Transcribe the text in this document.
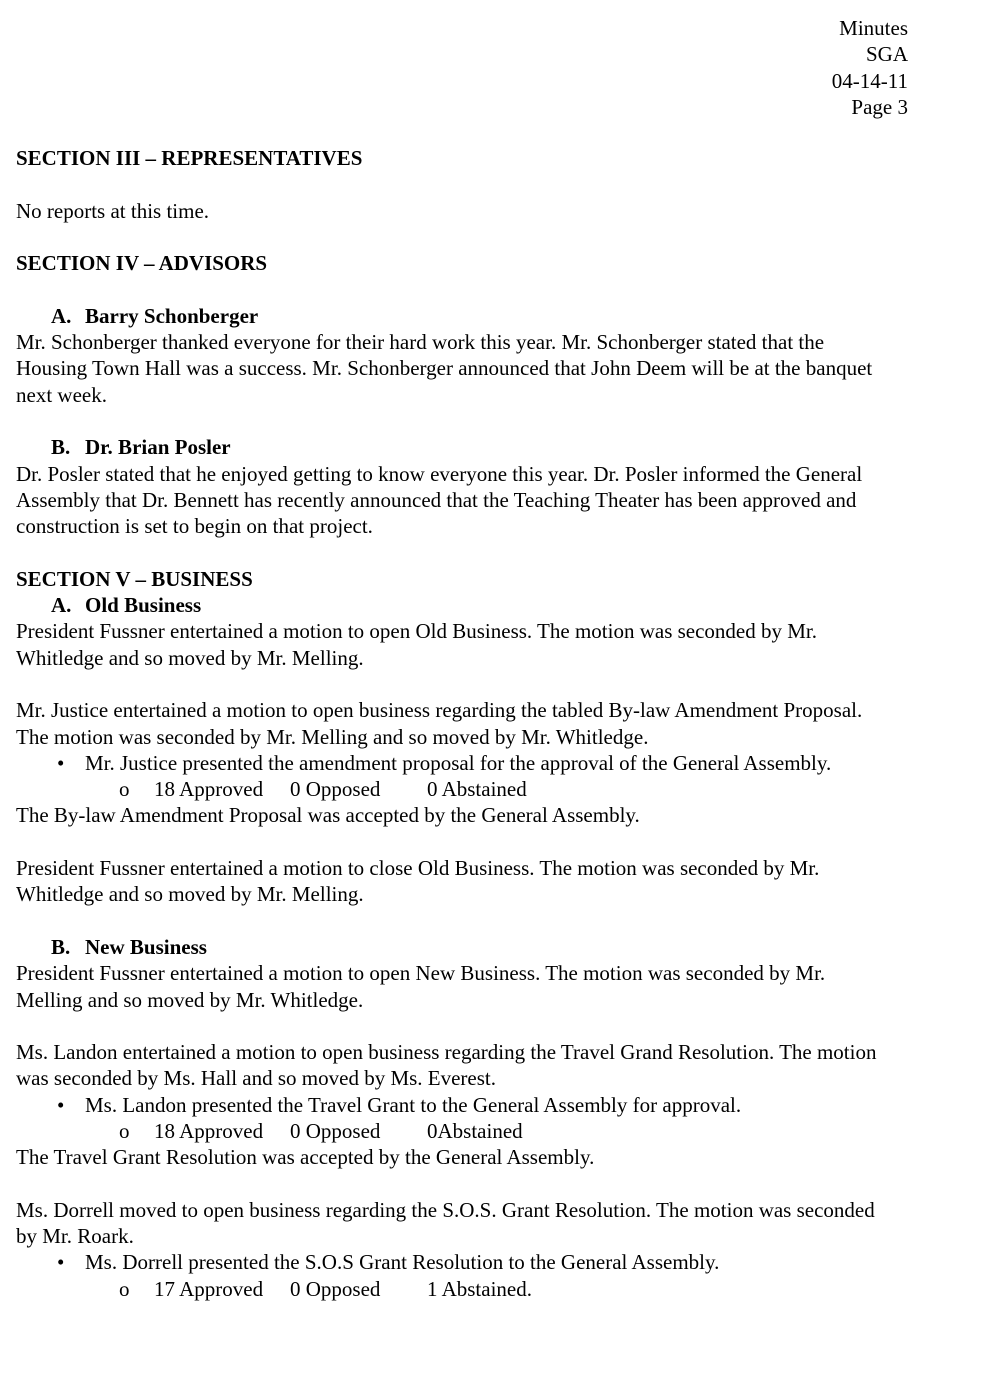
Minutes

SGA

04-14-11

Page 3

SECTION III – REPRESENTATIVES

No reports at this time.

SECTION IV – ADVISORS

A. Barry Schonberger

Mr. Schonberger thanked everyone for their hard work this year. Mr. Schonberger stated that the

Housing Town Hall was a success. Mr. Schonberger announced that John Deem will be at the banquet

next week.

B. Dr. Brian Posler

Dr. Posler stated that he enjoyed getting to know everyone this year. Dr. Posler informed the General

Assembly that Dr. Bennett has recently announced that the Teaching Theater has been approved and

construction is set to begin on that project.

SECTION V – BUSINESS

A. Old Business

President Fussner entertained a motion to open Old Business. The motion was seconded by Mr.

Whitledge and so moved by Mr. Melling.

Mr. Justice entertained a motion to open business regarding the tabled By-law Amendment Proposal.

The motion was seconded by Mr. Melling and so moved by Mr. Whitledge.

• Mr. Justice presented the amendment proposal for the approval of the General Assembly.

o 18 Approved 0 Opposed 0 Abstained

The By-law Amendment Proposal was accepted by the General Assembly.

President Fussner entertained a motion to close Old Business. The motion was seconded by Mr.

Whitledge and so moved by Mr. Melling.

B. New Business

President Fussner entertained a motion to open New Business. The motion was seconded by Mr.

Melling and so moved by Mr. Whitledge.

Ms. Landon entertained a motion to open business regarding the Travel Grand Resolution. The motion

was seconded by Ms. Hall and so moved by Ms. Everest.

• Ms. Landon presented the Travel Grant to the General Assembly for approval.

o 18 Approved 0 Opposed 0Abstained

The Travel Grant Resolution was accepted by the General Assembly.

Ms. Dorrell moved to open business regarding the S.O.S. Grant Resolution. The motion was seconded

by Mr. Roark.

• Ms. Dorrell presented the S.O.S Grant Resolution to the General Assembly.

o 17 Approved 0 Opposed 1 Abstained.
